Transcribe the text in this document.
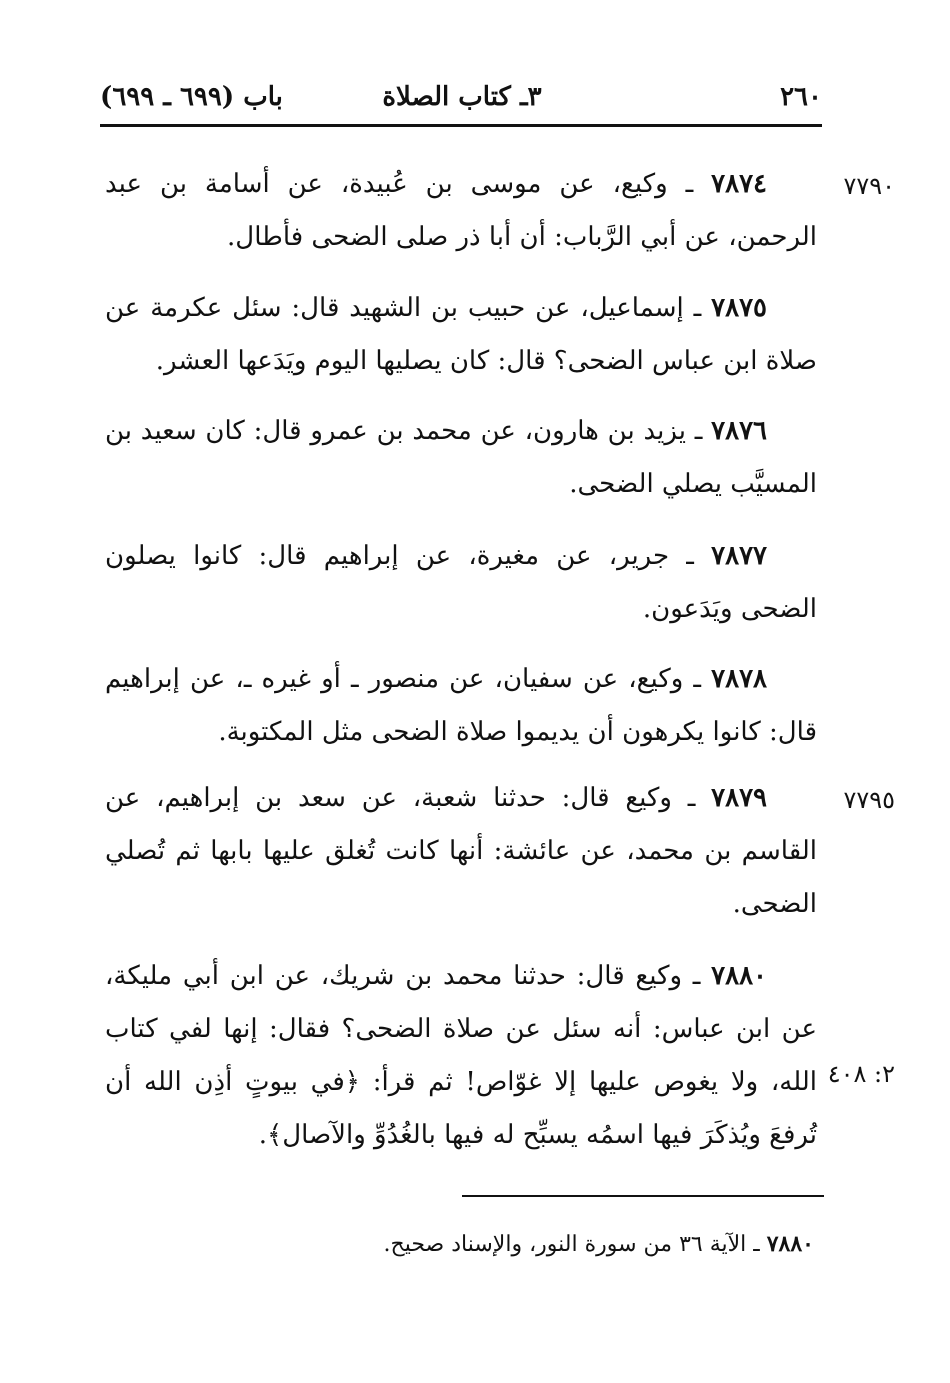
٢٦٠
٣ـ كتاب الصلاة
باب (٦٩٩ ـ ٦٩٩)
٧٧٩٠
٧٧٩٥
٢: ٤٠٨
٧٨٧٤ ـ وكيع، عن موسى بن عُبيدة، عن أسامة بن عبد الرحمن، عن أبي الرَّباب: أن أبا ذر صلى الضحى فأطال.
٧٨٧٥ ـ إسماعيل، عن حبيب بن الشهيد قال: سئل عكرمة عن صلاة ابن عباس الضحى؟ قال: كان يصليها اليوم ويَدَعها العشر.
٧٨٧٦ ـ يزيد بن هارون، عن محمد بن عمرو قال: كان سعيد بن المسيَّب يصلي الضحى.
٧٨٧٧ ـ جرير، عن مغيرة، عن إبراهيم قال: كانوا يصلون الضحى ويَدَعون.
٧٨٧٨ ـ وكيع، عن سفيان، عن منصور ـ أو غيره ـ، عن إبراهيم قال: كانوا يكرهون أن يديموا صلاة الضحى مثل المكتوبة.
٧٨٧٩ ـ وكيع قال: حدثنا شعبة، عن سعد بن إبراهيم، عن القاسم بن محمد، عن عائشة: أنها كانت تُغلق عليها بابها ثم تُصلي الضحى.
٧٨٨٠ ـ وكيع قال: حدثنا محمد بن شريك، عن ابن أبي مليكة، عن ابن عباس: أنه سئل عن صلاة الضحى؟ فقال: إنها لفي كتاب الله، ولا يغوص عليها إلا غوّاص! ثم قرأ: ﴿في بيوتٍ أذِن الله أن تُرفعَ ويُذكَرَ فيها اسمُه يسبِّح له فيها بالغُدُوِّ والآصال﴾.
٧٨٨٠ ـ الآية ٣٦ من سورة النور، والإسناد صحيح.
